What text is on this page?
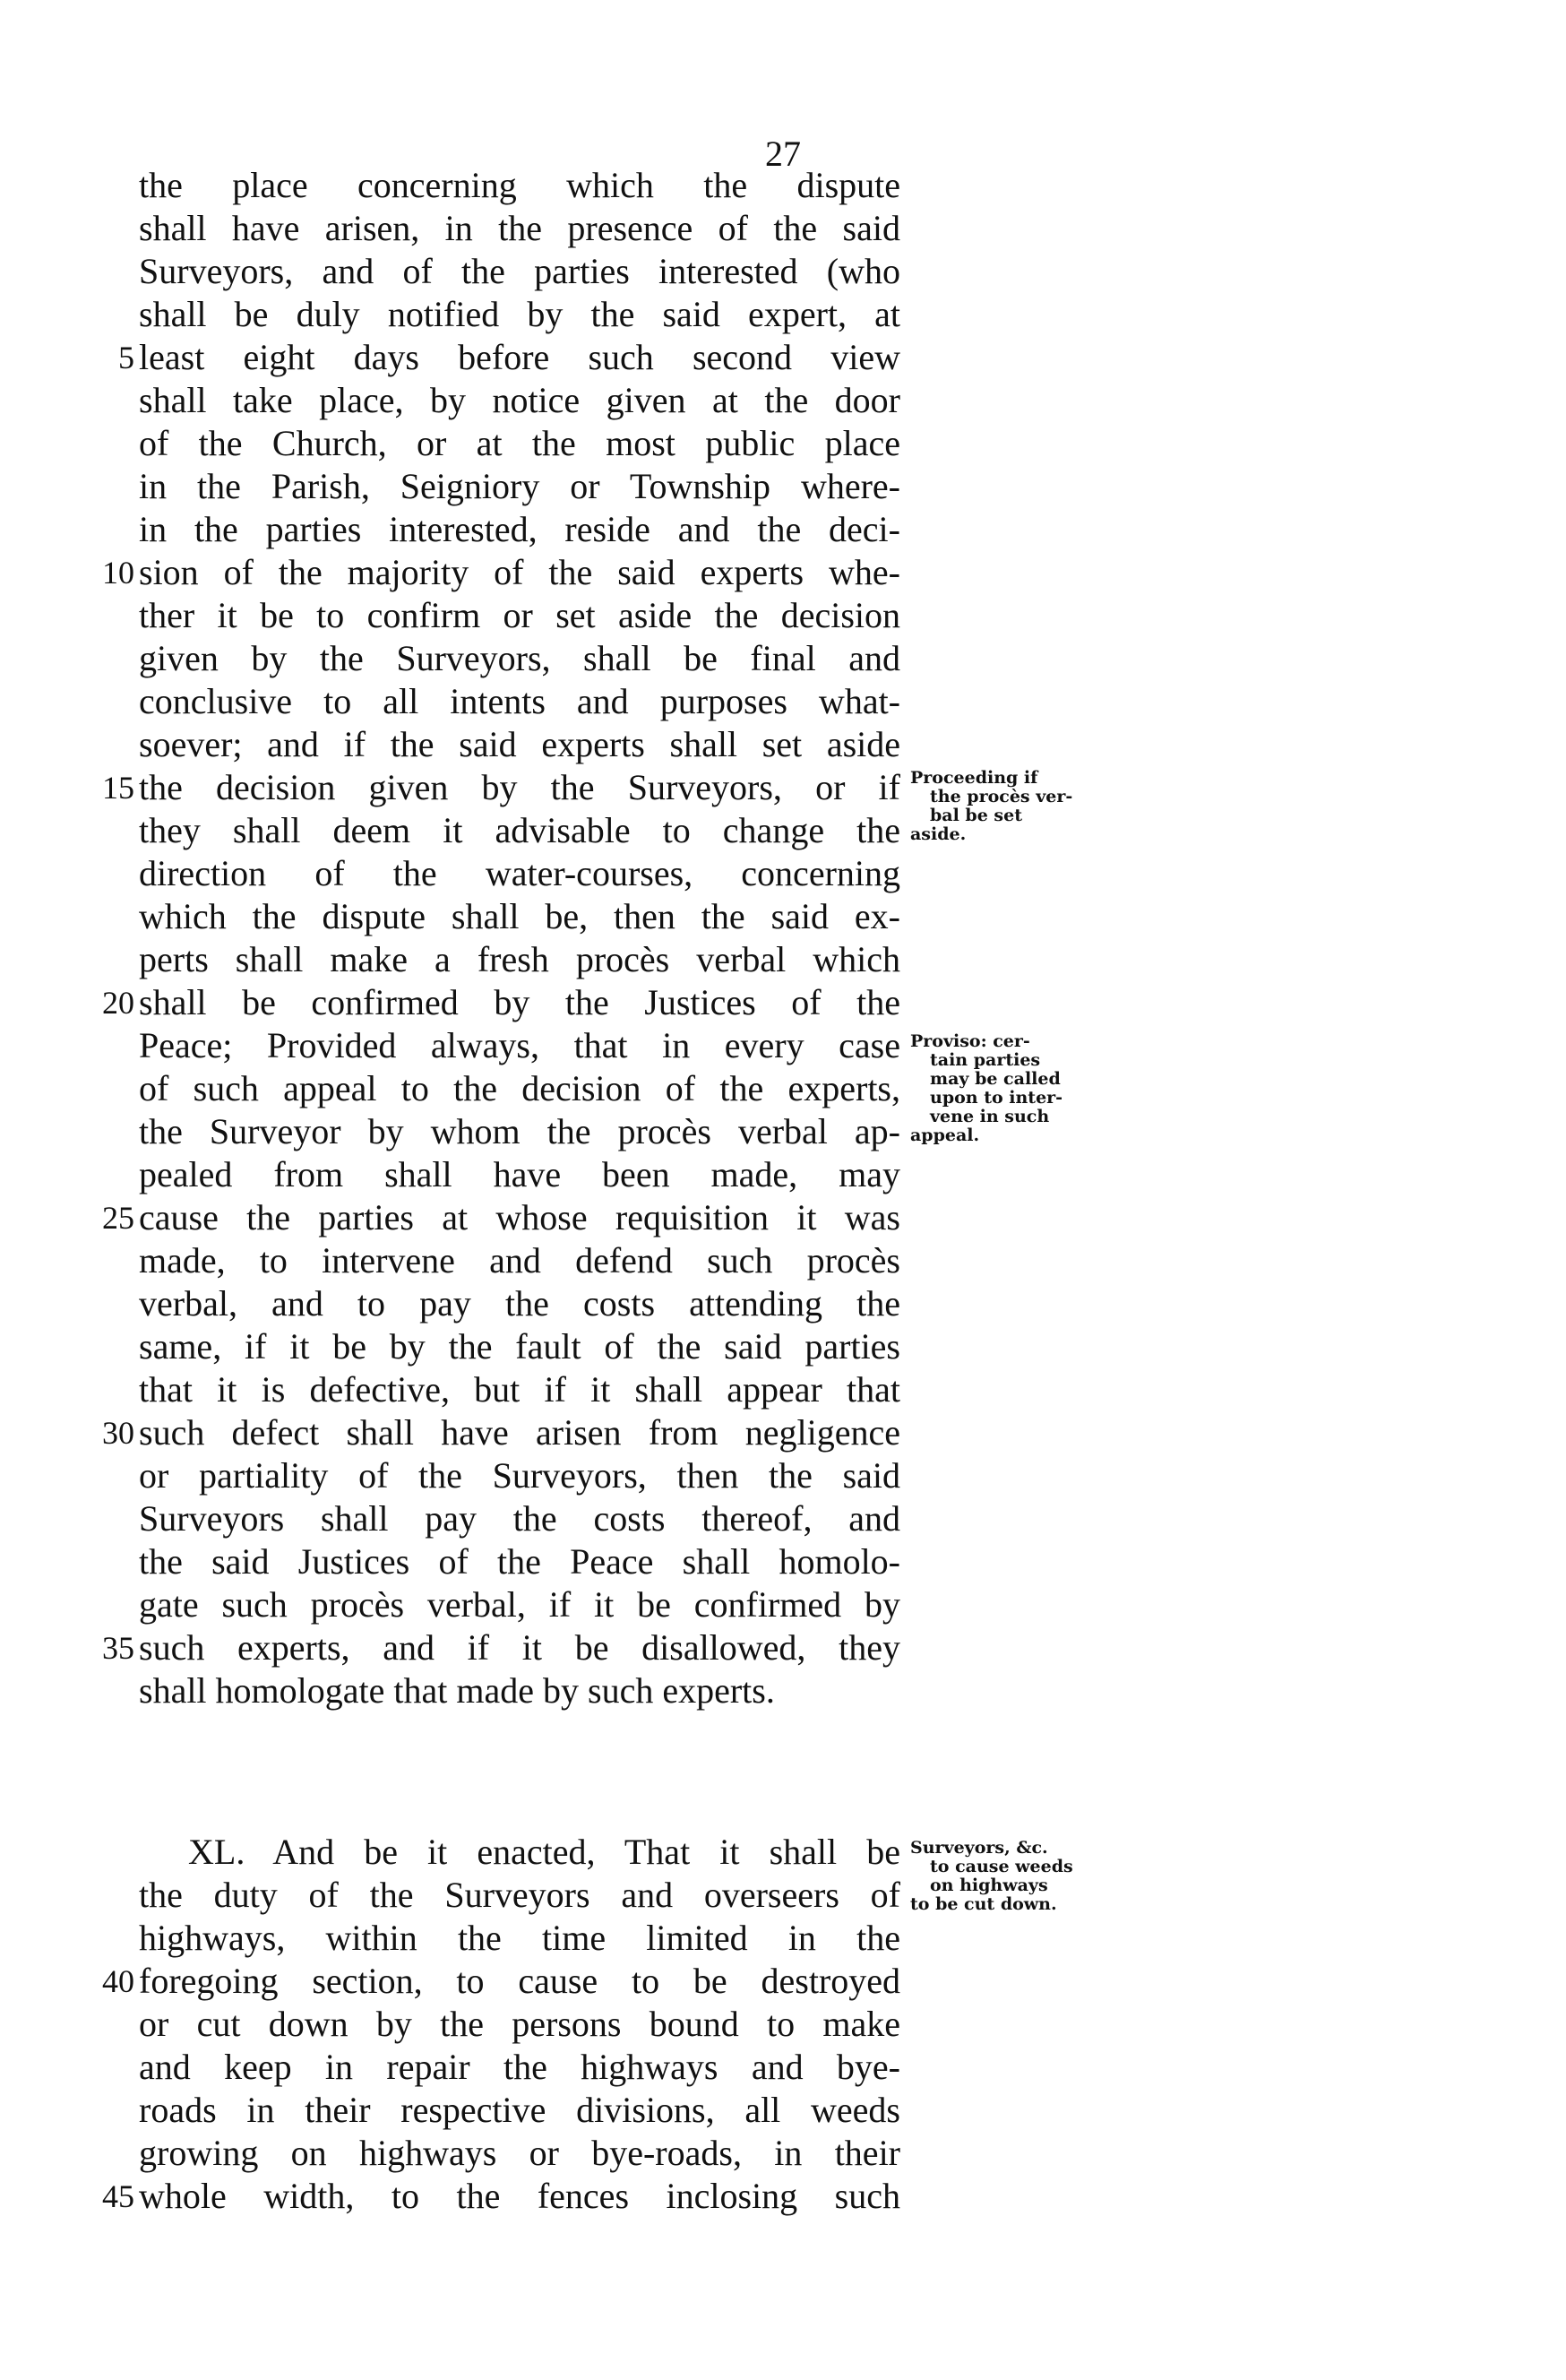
27
the place concerning which the dispute
shall have arisen, in the presence of the said
Surveyors, and of the parties interested (who
shall be duly notified by the said expert, at
5 least eight days before such second view
shall take place, by notice given at the door
of the Church, or at the most public place
in the Parish, Seigniory or Township where-
in the parties interested, reside and the deci-
10 sion of the majority of the said experts whe-
ther it be to confirm or set aside the decision
given by the Surveyors, shall be final and
conclusive to all intents and purposes what-
soever; and if the said experts shall set aside
15 the decision given by the Surveyors, or if
they shall deem it advisable to change the
direction of the water-courses, concerning
which the dispute shall be, then the said ex-
perts shall make a fresh procès verbal which
20 shall be confirmed by the Justices of the
Peace; Provided always, that in every case
of such appeal to the decision of the experts,
the Surveyor by whom the procès verbal ap-
pealed from shall have been made, may
25 cause the parties at whose requisition it was
made, to intervene and defend such procès
verbal, and to pay the costs attending the
same, if it be by the fault of the said parties
that it is defective, but if it shall appear that
30 such defect shall have arisen from negligence
or partiality of the Surveyors, then the said
Surveyors shall pay the costs thereof, and
the said Justices of the Peace shall homolo-
gate such procès verbal, if it be confirmed by
35 such experts, and if it be disallowed, they
shall homologate that made by such experts.
XL. And be it enacted, That it shall be
the duty of the Surveyors and overseers of
highways, within the time limited in the
40 foregoing section, to cause to be destroyed
or cut down by the persons bound to make
and keep in repair the highways and bye-
roads in their respective divisions, all weeds
growing on highways or bye-roads, in their
45 whole width, to the fences inclosing such
Proceeding if
the procès ver-
bal be set
aside.
Proviso: cer-
tain parties
may be called
upon to inter-
vene in such
appeal.
Surveyors, &c.
to cause weeds
on highways
to be cut down.
